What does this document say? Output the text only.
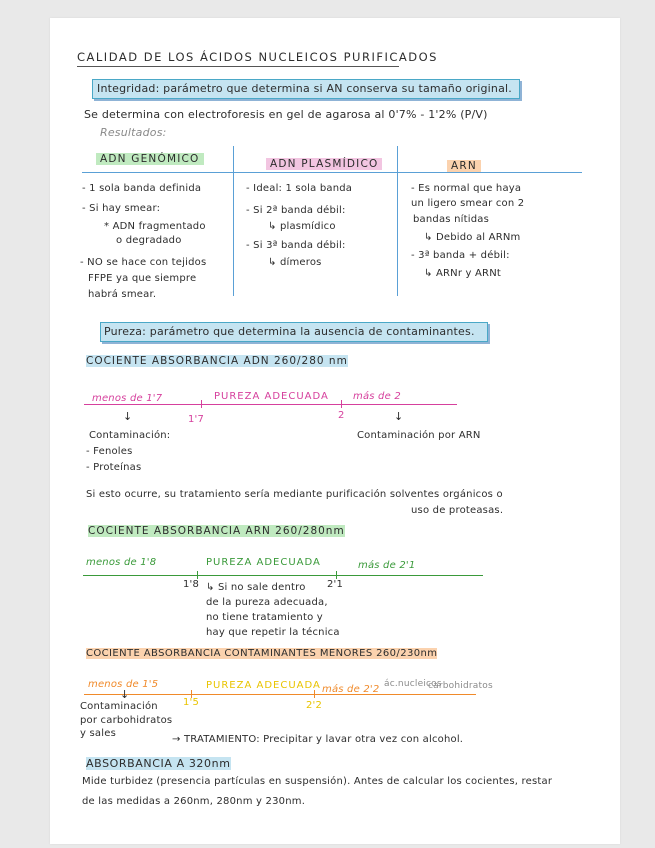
CALIDAD DE LOS ÁCIDOS NUCLEICOS PURIFICADOS
Integridad: parámetro que determina si AN conserva su tamaño original.
Se determina con electroforesis en gel de agarosa al 0'7% - 1'2% (P/V)
Resultados:
ADN GENÓMICO	ADN PLASMÍDICO	ARN
- 1 sola banda definida
- Si hay smear:
* ADN fragmentado
o degradado
- NO se hace con tejidos
FFPE ya que siempre
habrá smear.
- Ideal: 1 sola banda
- Si 2ª banda débil:
↳ plasmídico
- Si 3ª banda débil:
↳ dímeros
- Es normal que haya
un ligero smear con 2
bandas nítidas
↳ Debido al ARNm
- 3ª banda + débil:
↳ ARNr y ARNt
Pureza: parámetro que determina la ausencia de contaminantes.
COCIENTE ABSORBANCIA ADN 260/280 nm
menos de 1'7	PUREZA ADECUADA más de 2
1'7	2
↓	↓
Contaminación:
- Fenoles
- Proteínas
Contaminación por ARN
Si esto ocurre, su tratamiento sería mediante purificación solventes orgánicos o
uso de proteasas.
COCIENTE ABSORBANCIA ARN 260/280nm
menos de 1'8	PUREZA ADECUADA	más de 2'1
1'8	2'1
↳ Si no sale dentro
de la pureza adecuada,
no tiene tratamiento y
hay que repetir la técnica
COCIENTE ABSORBANCIA CONTAMINANTES MENORES 260/230nm
ác.nucleicos
carbohidratos
menos de 1'5	PUREZA ADECUADA más de 2'2
1'5	2'2
↓
Contaminación
por carbohidratos
y sales
→ TRATAMIENTO: Precipitar y lavar otra vez con alcohol.
ABSORBANCIA A 320nm
Mide turbidez (presencia partículas en suspensión). Antes de calcular los cocientes, restar
de las medidas a 260nm, 280nm y 230nm.
